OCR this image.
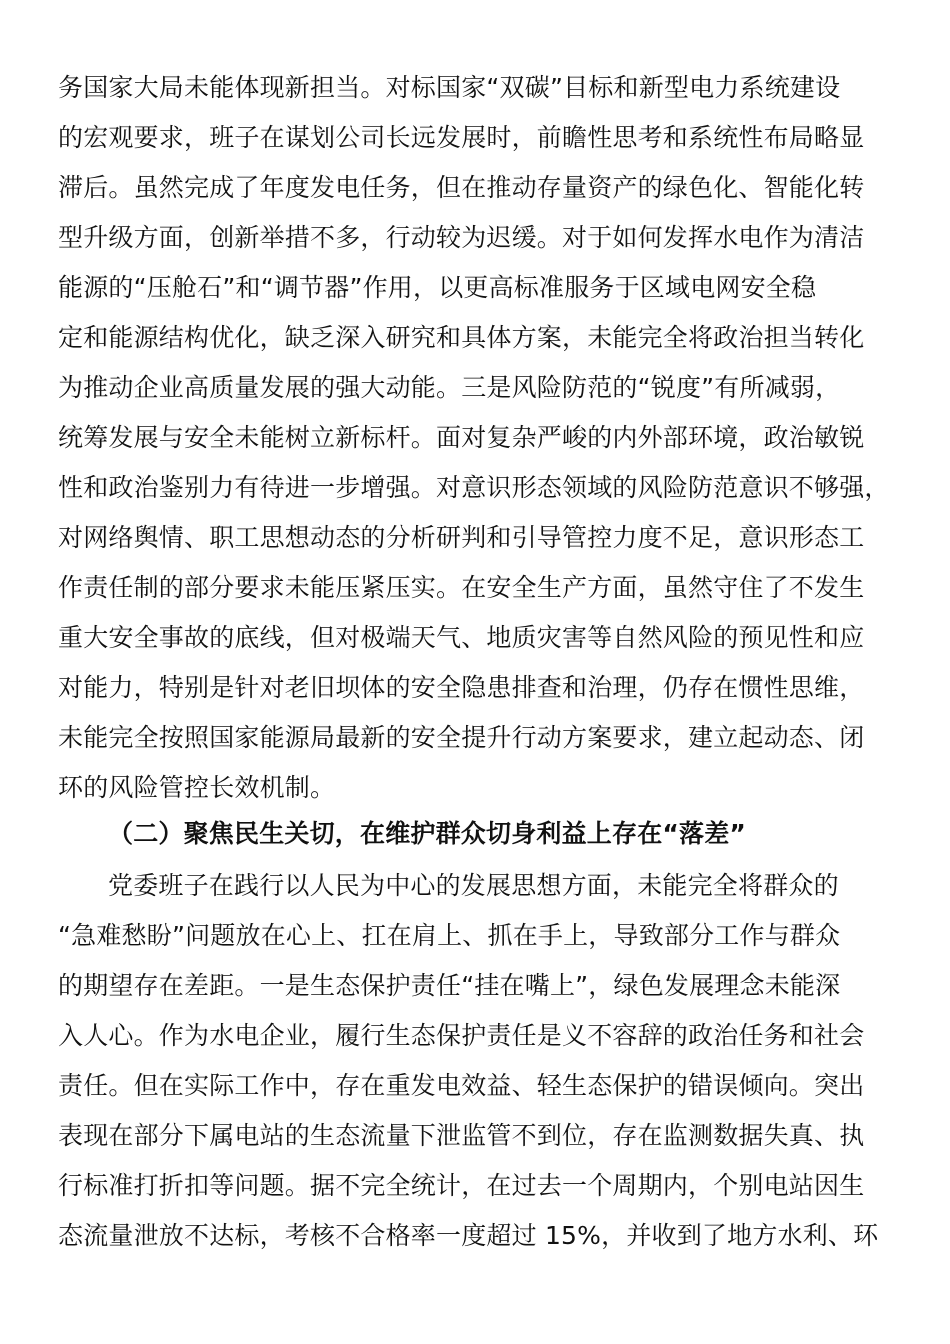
务国家大局未能体现新担当。对标国家“双碳”目标和新型电力系统建设
的宏观要求，班子在谋划公司长远发展时，前瞻性思考和系统性布局略显
滞后。虽然完成了年度发电任务，但在推动存量资产的绿色化、智能化转
型升级方面，创新举措不多，行动较为迟缓。对于如何发挥水电作为清洁
能源的“压舱石”和“调节器”作用，以更高标准服务于区域电网安全稳
定和能源结构优化，缺乏深入研究和具体方案，未能完全将政治担当转化
为推动企业高质量发展的强大动能。三是风险防范的“锐度”有所减弱，
统筹发展与安全未能树立新标杆。面对复杂严峻的内外部环境，政治敏锐
性和政治鉴别力有待进一步增强。对意识形态领域的风险防范意识不够强，
对网络舆情、职工思想动态的分析研判和引导管控力度不足，意识形态工
作责任制的部分要求未能压紧压实。在安全生产方面，虽然守住了不发生
重大安全事故的底线，但对极端天气、地质灾害等自然风险的预见性和应
对能力，特别是针对老旧坝体的安全隐患排查和治理，仍存在惯性思维，
未能完全按照国家能源局最新的安全提升行动方案要求，建立起动态、闭
环的风险管控长效机制。
（二）聚焦民生关切，在维护群众切身利益上存在“落差”
党委班子在践行以人民为中心的发展思想方面，未能完全将群众的
“急难愁盼”问题放在心上、扛在肩上、抓在手上，导致部分工作与群众
的期望存在差距。一是生态保护责任“挂在嘴上”，绿色发展理念未能深
入人心。作为水电企业，履行生态保护责任是义不容辞的政治任务和社会
责任。但在实际工作中，存在重发电效益、轻生态保护的错误倾向。突出
表现在部分下属电站的生态流量下泄监管不到位，存在监测数据失真、执
行标准打折扣等问题。据不完全统计，在过去一个周期内，个别电站因生
态流量泄放不达标，考核不合格率一度超过 15%，并收到了地方水利、环
